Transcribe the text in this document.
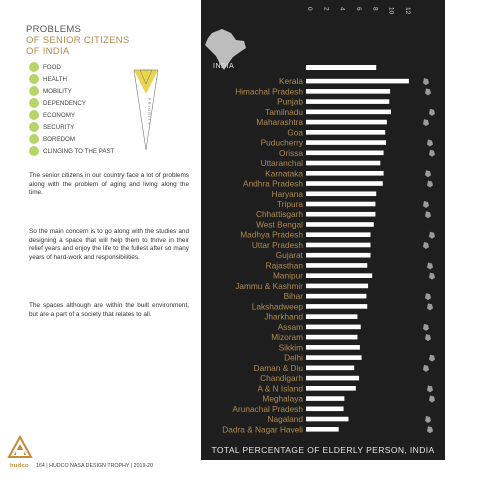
PROBLEMS
OF SENIOR CITIZENS
OF INDIA
FOOD
HEALTH
MOBILITY
DEPENDENCY
ECONOMY
SECURITY
BOREDOM
CLINGING TO THE PAST
PRIORITY
The senior citizens in our country face a lot of problems along with the problem of aging and living along the time.
So the main concern is to go along with the studies and designing a space that will help them to thrive in their relief years and enjoy the life to the fullest after so many years of hard-work and responsibilities.
The spaces although are within the built environment, but are a part of a society that relates to all.
hudco 164 | HUDCO NASA DESIGN TROPHY | 2019-20
INDIA
0 2 4 6 8 10 12
Kerala
Himachal Pradesh
Punjab
Tamilnadu
Maharashtra
Goa
Puducherry
Orissa
Uttaranchal
Karnataka
Andhra Pradesh
Haryana
Tripura
Chhattisgarh
West Bengal
Madhya Pradesh
Uttar Pradesh
Gujarat
Rajasthan
Manipur
Jammu & Kashmir
Bihar
Lakshadweep
Jharkhand
Assam
Mizoram
Sikkim
Delhi
Daman & Diu
Chandigarh
A & N Island
Meghalaya
Arunachal Pradesh
Nagaland
Dadra & Nagar Haveli
TOTAL PERCENTAGE OF ELDERLY PERSON, INDIA
